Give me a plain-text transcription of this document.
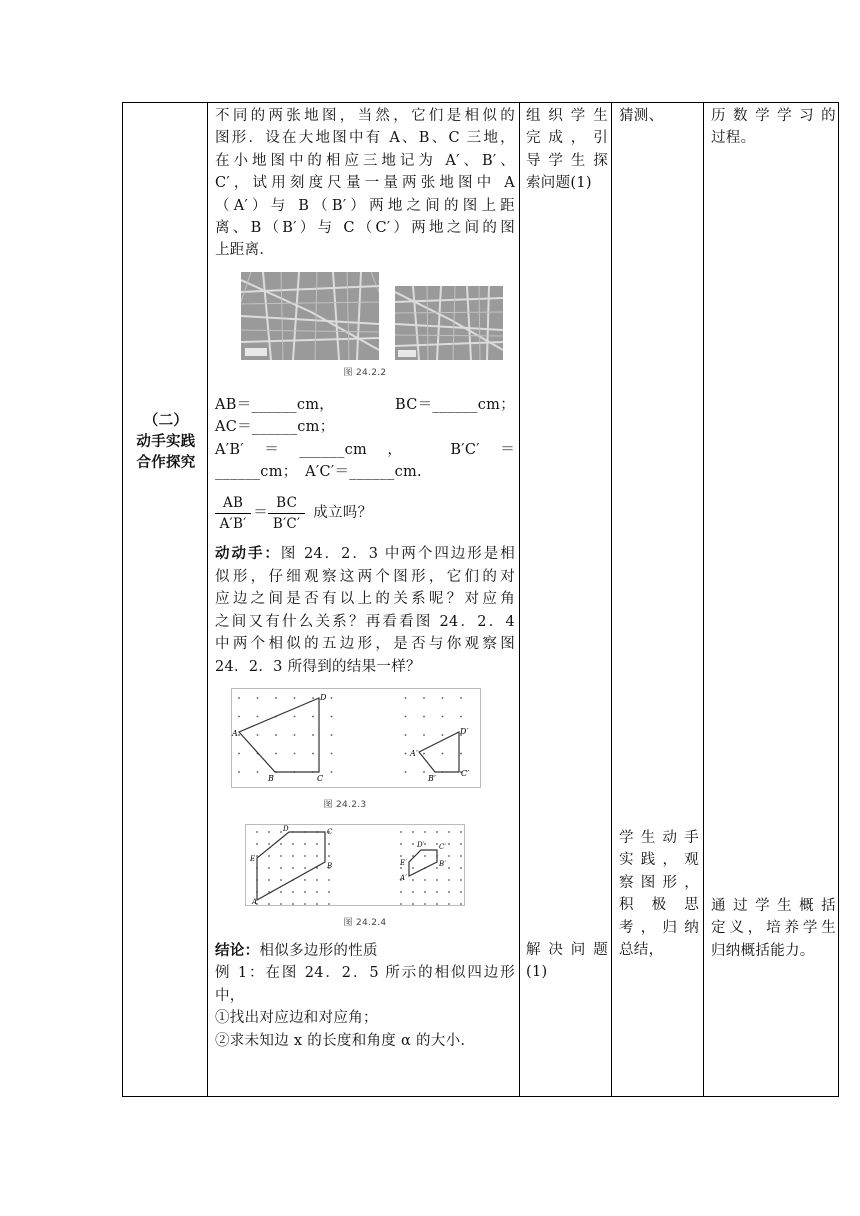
（二）
动手实践
合作探究
不同的两张地图，当然，它们是相似的
图形．设在大地图中有 A、B、C 三地，
在小地图中的相应三地记为 A′、B′、
C′，试用刻度尺量一量两张地图中 A
（A′）与 B（B′）两地之间的图上距
离、B（B′）与 C（C′）两地之间的图
上距离．
图 24.2.2
AB＝______cm，	BC＝______cm；
AC＝______cm；
A′B′＝______cm，　B′C′＝
______cm；　A′C′＝______cm.
$\frac{AB}{A'B'} = \frac{BC}{B'C'}$ 成立吗？
动动手：图 24．2．3 中两个四边形是相
似形，仔细观察这两个图形，它们的对
应边之间是否有以上的关系呢？对应角
之间又有什么关系？再看看图 24．2．4
中两个相似的五边形，是否与你观察图
24．2．3 所得到的结果一样？
A
B	C
D
A′
B′
C′
D′
图 24.2.3
A
B
C
D
E
A′
B′
C′
D′
E′
图 24.2.4
结论：相似多边形的性质
例 1：在图 24．2．5 所示的相似四边形
中，
①找出对应边和对应角；
②求未知边 x 的长度和角度 α 的大小.
组织学生
完成，引
导学生探
索问题(1)
解决问题
(1)
猜测、
学生动手
实践，观
察图形，
积 极 思
考，归纳
总结，
历数学学习的
过程。
通过学生概括
定义，培养学生
归纳概括能力。
